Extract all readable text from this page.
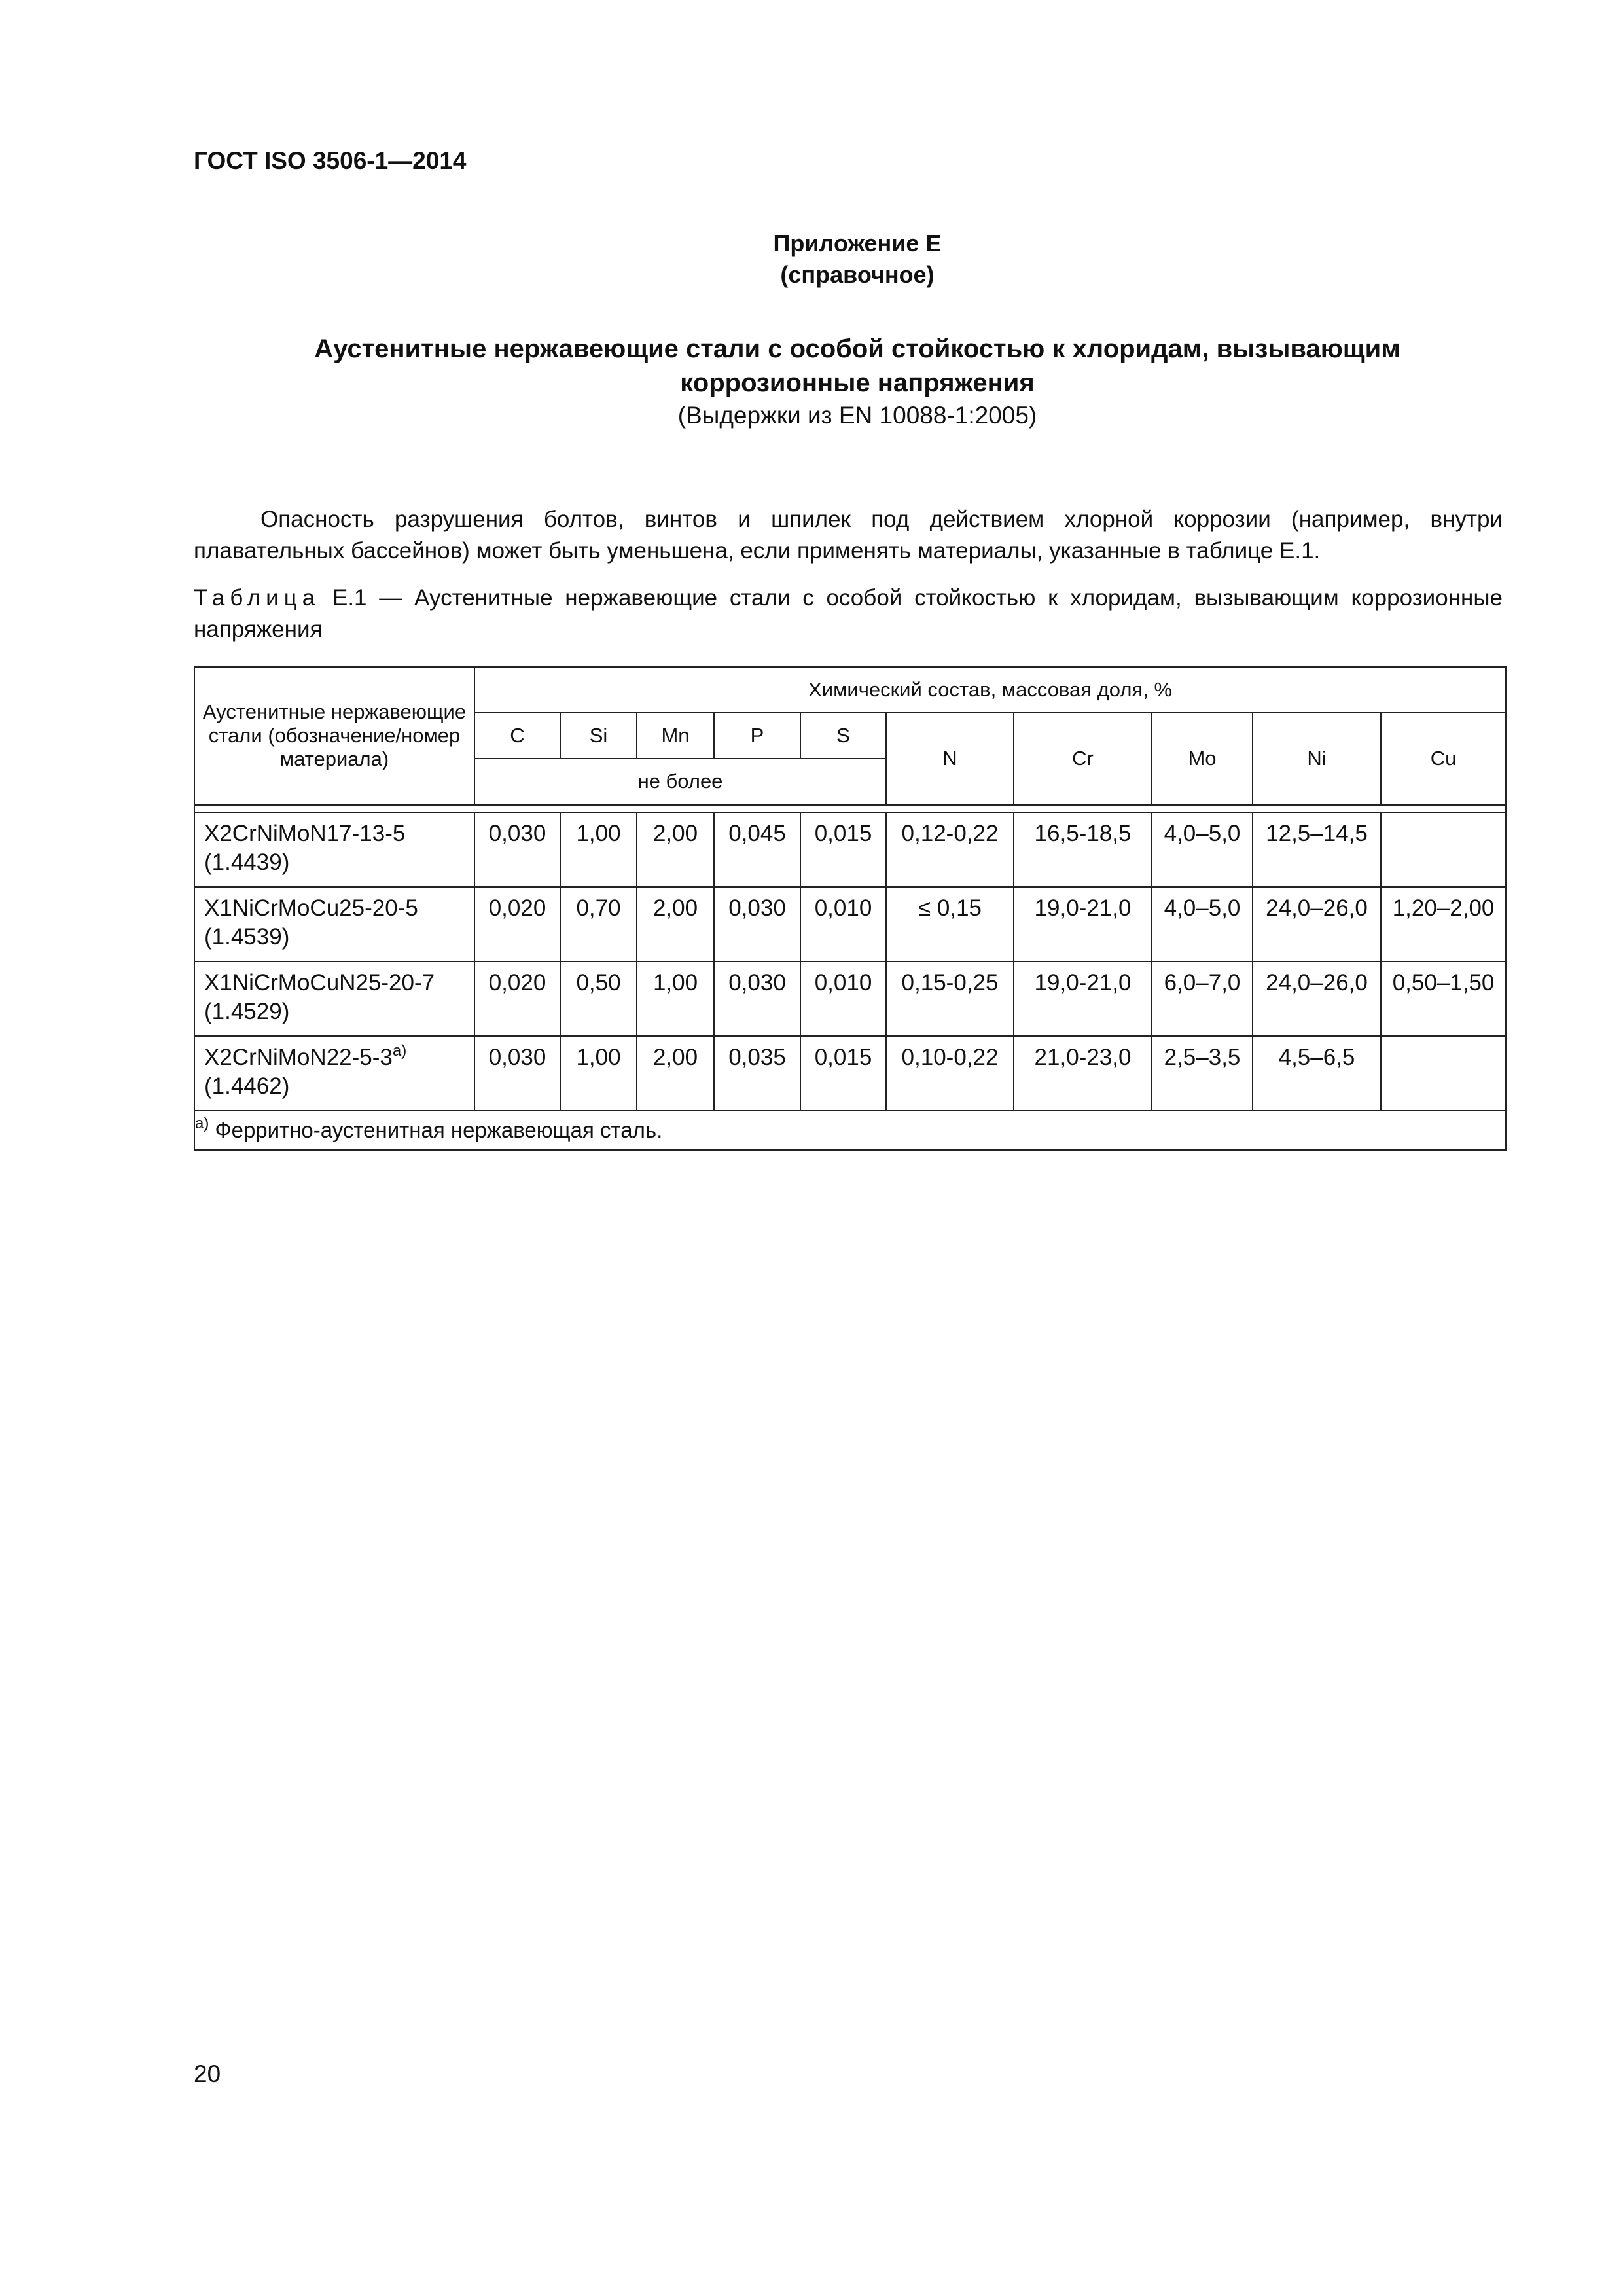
ГОСТ ISO 3506-1—2014
Приложение Е
(справочное)
Аустенитные нержавеющие стали с особой стойкостью к хлоридам, вызывающим
коррозионные напряжения
(Выдержки из EN 10088-1:2005)
Опасность разрушения болтов, винтов и шпилек под действием хлорной коррозии (например, внутри плавательных бассейнов) может быть уменьшена, если применять материалы, указанные в таблице Е.1.
Таблица Е.1 — Аустенитные нержавеющие стали с особой стойкостью к хлоридам, вызывающим коррозионные напряжения
Аустенитные нержавеющие стали (обозначение/номер материала)	Химический состав, массовая доля, %									
	C	Si	Mn	P	S	N	Cr	Mo	Ni	Cu
	не более									

X2CrNiMoN17-13-5
(1.4439)	0,030	1,00	2,00	0,045	0,015	0,12-0,22	16,5-18,5	4,0–5,0	12,5–14,5	
X1NiCrMoCu25-20-5
(1.4539)	0,020	0,70	2,00	0,030	0,010	≤ 0,15	19,0-21,0	4,0–5,0	24,0–26,0	1,20–2,00
X1NiCrMoCuN25-20-7
(1.4529)	0,020	0,50	1,00	0,030	0,010	0,15-0,25	19,0-21,0	6,0–7,0	24,0–26,0	0,50–1,50
X2CrNiMoN22-5-3$^{a)}$
(1.4462)	0,030	1,00	2,00	0,035	0,015	0,10-0,22	21,0-23,0	2,5–3,5	4,5–6,5	
$^{a)}$ Ферритно-аустенитная нержавеющая сталь.										
20
